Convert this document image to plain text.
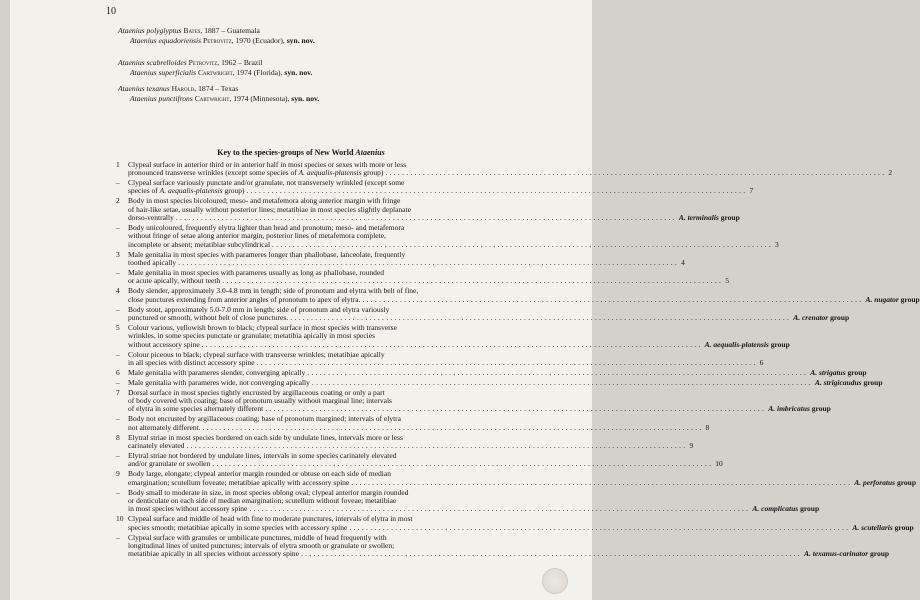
10
Ataenius polyglyptus Bates, 1887 – Guatemala
Ataenius equadoriensis Petrovitz, 1970 (Ecuador), syn. nov.
Ataenius scabrelloides Petrovitz, 1962 – Brazil
Ataenius superficialis Cartwright, 1974 (Florida), syn. nov.
Ataenius texanus Harold, 1874 – Texas
Ataenius punctifrons Cartwright, 1974 (Minnesota), syn. nov.
Key to the species-groups of New World Ataenius
1 Clypeal surface in anterior third or in anterior half in most species or sexes with more or less
pronounced transverse wrinkles (except some species of A. aequalis-platensis group) ........................................................................................................................ 2
– Clypeal surface variously punctate and/or granulate, not transversely wrinkled (except some
species of A. aequalis-platensis group) ........................................................................................................................ 7
2 Body in most species bicoloured; meso- and metafemora along anterior margin with fringe
of hair-like setae, usually without posterior lines; metatibiae in most species slightly deplanate
dorso-ventrally ........................................................................................................................ A. terminalis group
– Body unicoloured, frequently elytra lighter than head and pronotum; meso- and metafemora
without fringe of setae along anterior margin, posterior lines of metafemora complete,
incomplete or absent; metatibiae subcylindrical ........................................................................................................................ 3
3 Male genitalia in most species with parameres longer than phallobase, lanceolate, frequently
toothed apically ........................................................................................................................ 4
– Male genitalia in most species with parameres usually as long as phallobase, rounded
or acute apically, without teeth ........................................................................................................................ 5
4 Body slender, approximately 3.0-4.8 mm in length; side of pronotum and elytra with belt of fine,
close punctures extending from anterior angles of pronotum to apex of elytra. ........................................................................................................................ A. nugator group
– Body stout, approximately 5.0-7.0 mm in length; side of pronotum and elytra variously
punctured or smooth, without belt of close punctures. ........................................................................................................................ A. crenator group
5 Colour various, yellowish brown to black; clypeal surface in most species with transverse
wrinkles, in some species punctate or granulate; metatibia apically in most species
without accessory spine ........................................................................................................................ A. aequalis-platensis group
– Colour piceous to black; clypeal surface with transverse wrinkles; metatibiae apically
in all species with distinct accessory spine ........................................................................................................................ 6
6 Male genitalia with parameres slender, converging apically ........................................................................................................................ A. strigatus group
– Male genitalia with parameres wide, not converging apically ........................................................................................................................ A. strigicaudus group
7 Dorsal surface in most species tightly encrusted by argillaceous coating or only a part
of body covered with coating; base of pronotum usually without marginal line; intervals
of elytra in some species alternately different ........................................................................................................................ A. imbricatus group
– Body not encrusted by argillaceous coating; base of pronotum margined; intervals of elytra
not alternately different. ........................................................................................................................ 8
8 Elytral striae in most species bordered on each side by undulate lines, intervals more or less
carinately elevated ........................................................................................................................ 9
– Elytral striae not bordered by undulate lines, intervals in some species carinately elevated
and/or granulate or swollen ........................................................................................................................ 10
9 Body large, elongate; clypeal anterior margin rounded or obtuse on each side of median
emargination; scutellum foveate; metatibiae apically with accessory spine ........................................................................................................................ A. perforatus group
– Body small to moderate in size, in most species oblong oval; clypeal anterior margin rounded
or denticulate on each side of median emargination; scutellum without foveae; metatibiae
in most species without accessory spine ........................................................................................................................ A. complicatus group
10 Clypeal surface and middle of head with fine to moderate punctures, intervals of elytra in most
species smooth; metatibiae apically in some species with accessory spine ........................................................................................................................ A. scutellaris group
– Clypeal surface with granules or umbilicate punctures, middle of head frequently with
longitudinal lines of united punctures; intervals of elytra smooth or granulate or swollen;
metatibiae apically in all species without accessory spine ........................................................................................................................ A. texanus-carinator group
